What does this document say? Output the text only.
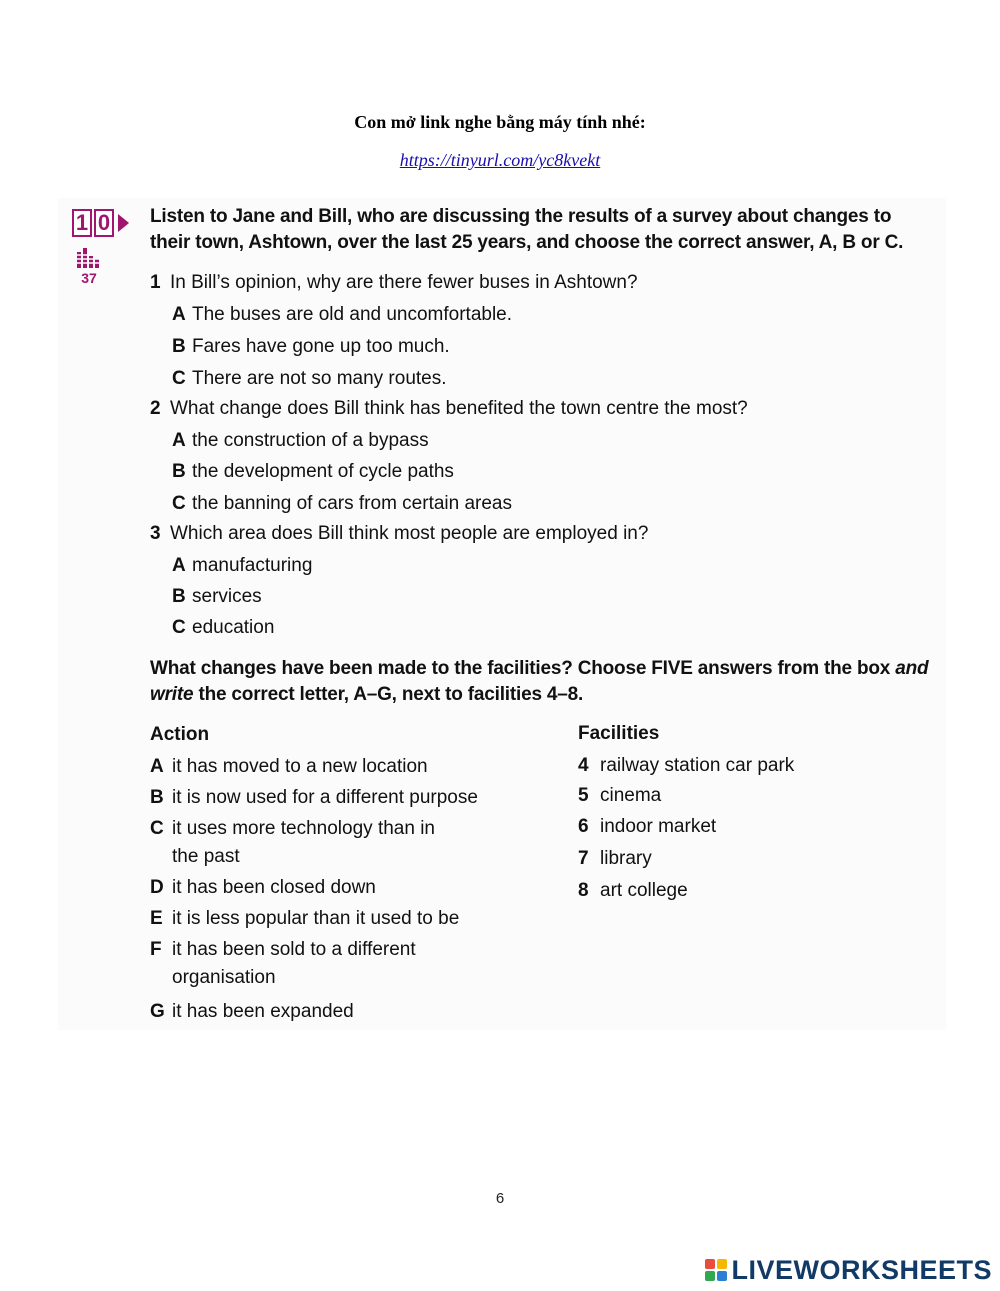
Con mở link nghe bằng máy tính nhé:
https://tinyurl.com/yc8kvekt
1 0
37
Listen to Jane and Bill, who are discussing the results of a survey about changes to their town, Ashtown, over the last 25 years, and choose the correct answer, A, B or C.
1 In Bill’s opinion, why are there fewer buses in Ashtown?
A The buses are old and uncomfortable.
B Fares have gone up too much.
C There are not so many routes.
2 What change does Bill think has benefited the town centre the most?
A the construction of a bypass
B the development of cycle paths
C the banning of cars from certain areas
3 Which area does Bill think most people are employed in?
A manufacturing
B services
C education
What changes have been made to the facilities? Choose FIVE answers from the box and write the correct letter, A–G, next to facilities 4–8.
Action
A it has moved to a new location
B it is now used for a different purpose
C it uses more technology than in
the past
D it has been closed down
E it is less popular than it used to be
F it has been sold to a different
organisation
G it has been expanded
Facilities
4 railway station car park
5 cinema
6 indoor market
7 library
8 art college
6
LIVEWORKSHEETS
